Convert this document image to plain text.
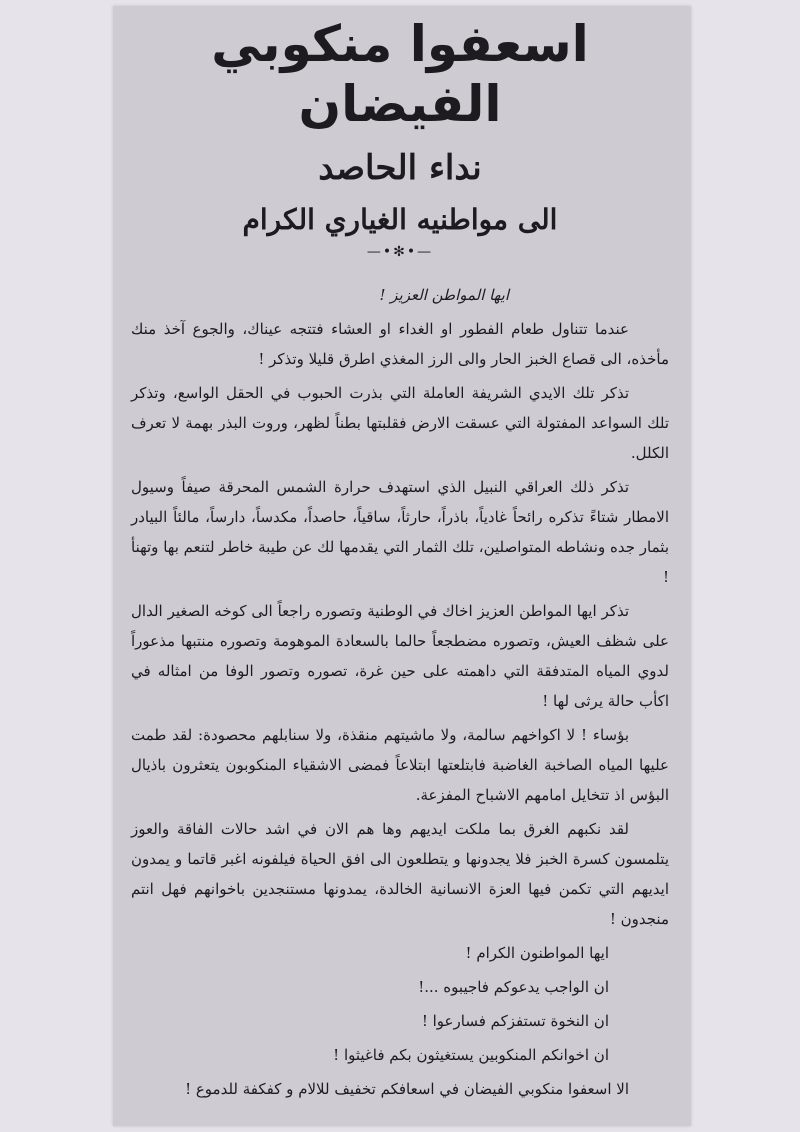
اسعفوا منكوبي الفيضان
نداء الحاصد
الى مواطنيه الغياري الكرام
—•✻•—

ايها المواطن العزيز !

عندما تتناول طعام الفطور او الغداء او العشاء فتتجه عيناك، والجوع آخذ منك مأخذه، الى قصاع الخبز الحار والى الرز المغذي اطرق قليلا وتذكر !

تذكر تلك الايدي الشريفة العاملة التي بذرت الحبوب في الحقل الواسع، وتذكر تلك السواعد المفتولة التي عسقت الارض فقلبتها بطناً لظهر، وروت البذر بهمة لا تعرف الكلل.

تذكر ذلك العراقي النبيل الذي استهدف حرارة الشمس المحرقة صيفاً وسيول الامطار شتاءً تذكره رائحاً غادياً، باذراً، حارثاً، ساقياً، حاصداً، مكدساً، دارساً، مالئاً البيادر بثمار جده ونشاطه المتواصلين، تلك الثمار التي يقدمها لك عن طيبة خاطر لتنعم بها وتهنأ !

تذكر ايها المواطن العزيز اخاك في الوطنية وتصوره راجعاً الى كوخه الصغير الدال على شظف العيش، وتصوره مضطجعاً حالما بالسعادة الموهومة وتصوره منتبها مذعوراً لدوي المياه المتدفقة التي داهمته على حين غرة، تصوره وتصور الوفا من امثاله في اكأب حالة يرثى لها !

بؤساء ! لا اكواخهم سالمة، ولا ماشيتهم منقذة، ولا سنابلهم محصودة: لقد طمت عليها المياه الصاخبة الغاضبة فابتلعتها ابتلاعاً فمضى الاشقياء المنكوبون يتعثرون باذيال البؤس اذ تتخايل امامهم الاشباح المفزعة.

لقد نكبهم الغرق بما ملكت ايديهم وها هم الان في اشد حالات الفاقة والعوز يتلمسون كسرة الخبز فلا يجدونها و يتطلعون الى افق الحياة فيلفونه اغبر قاتما و يمدون ايديهم التي تكمن فيها العزة الانسانية الخالدة، يمدونها مستنجدين باخوانهم فهل انتم منجدون !

ايها المواطنون الكرام !

ان الواجب يدعوكم فاجيبوه ...!

ان النخوة تستفزكم فسارعوا !

ان اخوانكم المنكوبين يستغيثون بكم فاغيثوا !

الا اسعفوا منكوبي الفيضان في اسعافكم تخفيف للالام و كفكفة للدموع !
